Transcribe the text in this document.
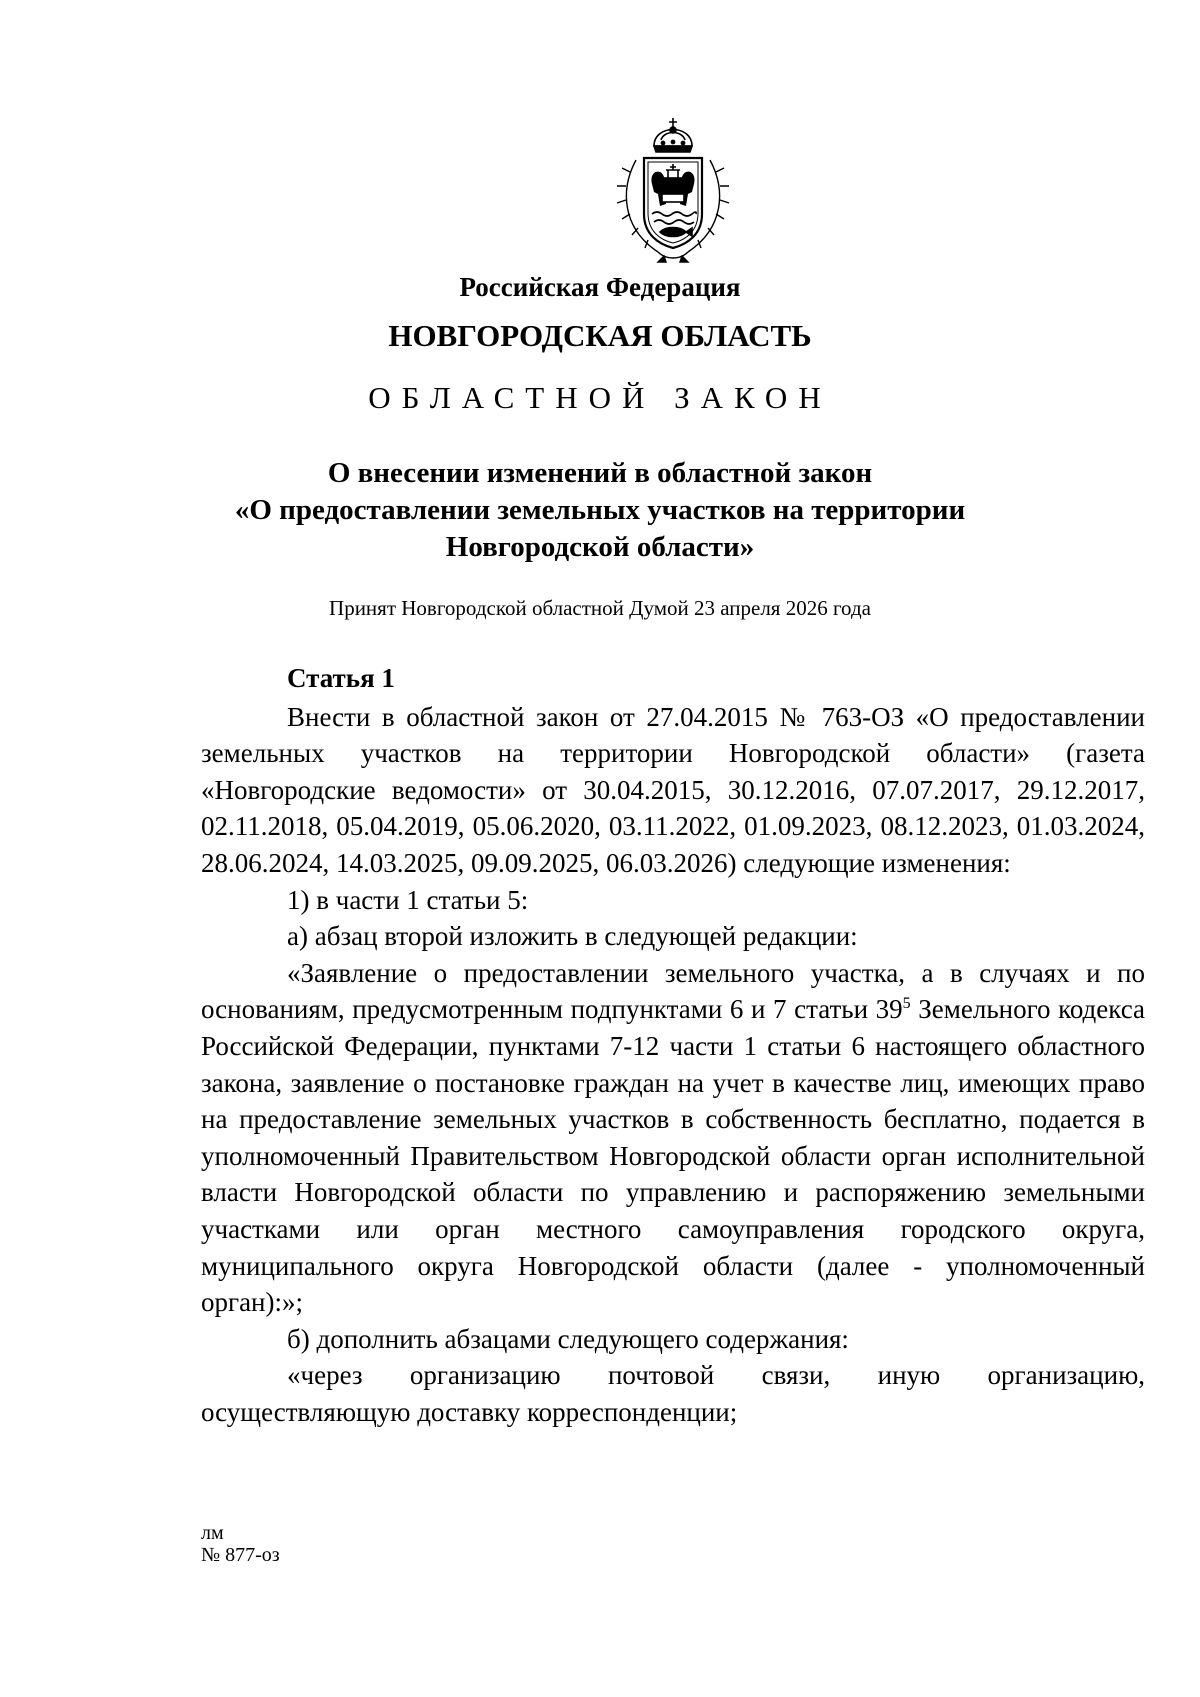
Российская Федерация
НОВГОРОДСКАЯ ОБЛАСТЬ
ОБЛАСТНОЙ ЗАКОН
О внесении изменений в областной закон
«О предоставлении земельных участков на территории
Новгородской области»
Принят Новгородской областной Думой 23 апреля 2026 года

Статья 1

Внести в областной закон от 27.04.2015 № 763-ОЗ «О предоставлении земельных участков на территории Новгородской области» (газета «Новгородские ведомости» от 30.04.2015, 30.12.2016, 07.07.2017, 29.12.2017, 02.11.2018, 05.04.2019, 05.06.2020, 03.11.2022, 01.09.2023, 08.12.2023, 01.03.2024, 28.06.2024, 14.03.2025, 09.09.2025, 06.03.2026) следующие изменения:

1) в части 1 статьи 5:

а) абзац второй изложить в следующей редакции:

«Заявление о предоставлении земельного участка, а в случаях и по основаниям, предусмотренным подпунктами 6 и 7 статьи $39^5$ Земельного кодекса Российской Федерации, пунктами 7-12 части 1 статьи 6 настоящего областного закона, заявление о постановке граждан на учет в качестве лиц, имеющих право на предоставление земельных участков в собственность бесплатно, подается в уполномоченный Правительством Новгородской области орган исполнительной власти Новгородской области по управлению и распоряжению земельными участками или орган местного самоуправления городского округа, муниципального округа Новгородской области (далее - уполномоченный орган):»;

б) дополнить абзацами следующего содержания:

«через организацию почтовой связи, иную организацию, осуществляющую доставку корреспонденции;

лм
№ 877-оз
